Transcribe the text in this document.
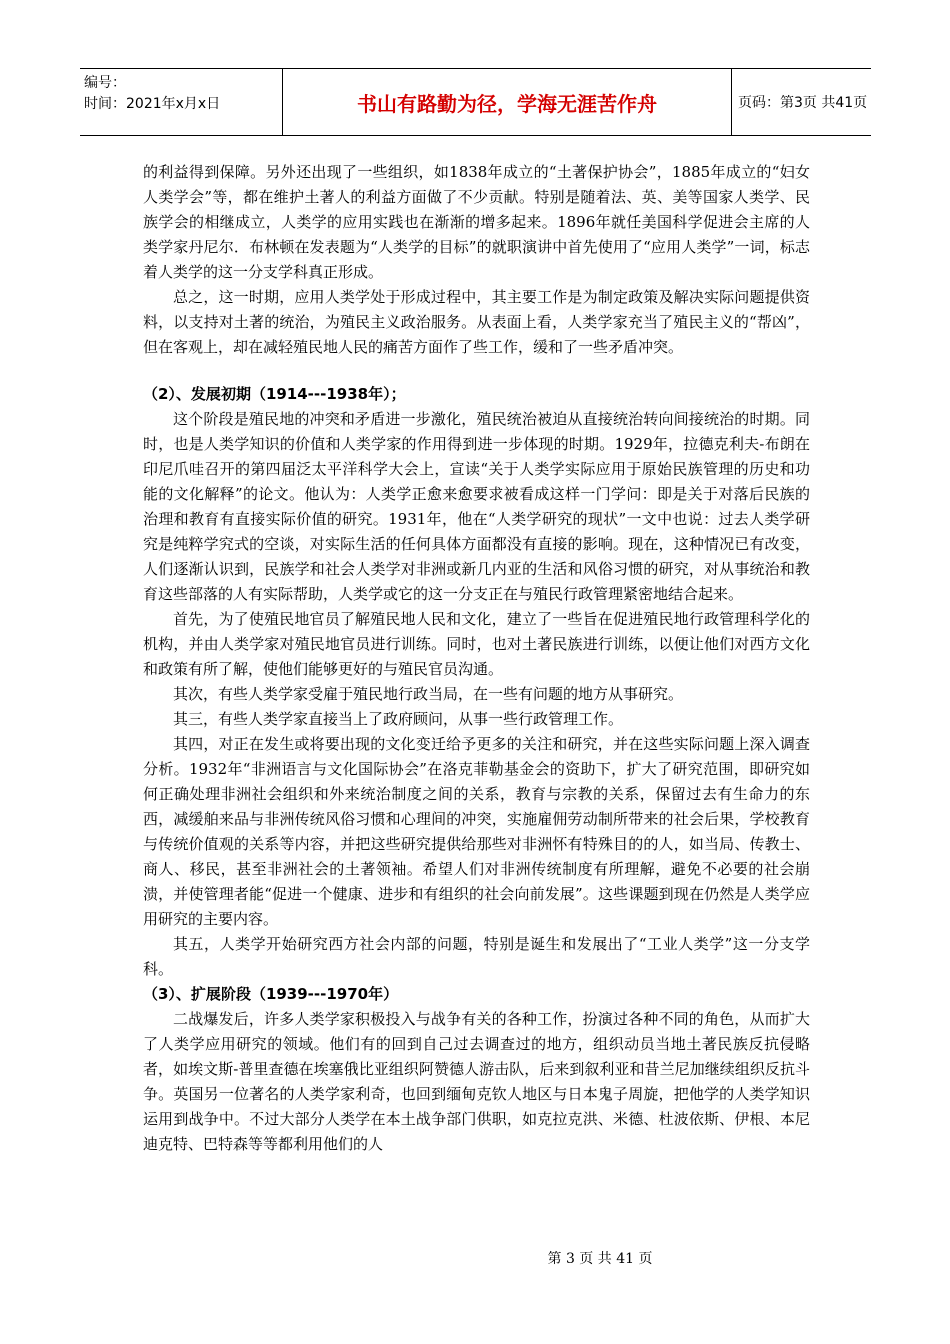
编号：
时间：2021年x月x日	书山有路勤为径，学海无涯苦作舟	页码：第3页 共41页

的利益得到保障。另外还出现了一些组织，如1838年成立的“土著保护协会”，1885年成立的“妇女人类学会”等，都在维护土著人的利益方面做了不少贡献。特别是随着法、英、美等国家人类学、民族学会的相继成立，人类学的应用实践也在渐渐的增多起来。1896年就任美国科学促进会主席的人类学家丹尼尔．布林顿在发表题为“人类学的目标”的就职演讲中首先使用了“应用人类学”一词，标志着人类学的这一分支学科真正形成。

总之，这一时期，应用人类学处于形成过程中，其主要工作是为制定政策及解决实际问题提供资料，以支持对土著的统治，为殖民主义政治服务。从表面上看，人类学家充当了殖民主义的“帮凶”，但在客观上，却在减轻殖民地人民的痛苦方面作了些工作，缓和了一些矛盾冲突。

（2）、发展初期（1914---1938年）；

这个阶段是殖民地的冲突和矛盾进一步激化，殖民统治被迫从直接统治转向间接统治的时期。同时，也是人类学知识的价值和人类学家的作用得到进一步体现的时期。1929年，拉德克利夫-布朗在印尼爪哇召开的第四届泛太平洋科学大会上，宣读“关于人类学实际应用于原始民族管理的历史和功能的文化解释”的论文。他认为：人类学正愈来愈要求被看成这样一门学问：即是关于对落后民族的治理和教育有直接实际价值的研究。1931年，他在“人类学研究的现状”一文中也说：过去人类学研究是纯粹学究式的空谈，对实际生活的任何具体方面都没有直接的影响。现在，这种情况已有改变，人们逐渐认识到，民族学和社会人类学对非洲或新几内亚的生活和风俗习惯的研究，对从事统治和教育这些部落的人有实际帮助，人类学或它的这一分支正在与殖民行政管理紧密地结合起来。

首先，为了使殖民地官员了解殖民地人民和文化，建立了一些旨在促进殖民地行政管理科学化的机构，并由人类学家对殖民地官员进行训练。同时，也对土著民族进行训练，以便让他们对西方文化和政策有所了解，使他们能够更好的与殖民官员沟通。

其次，有些人类学家受雇于殖民地行政当局，在一些有问题的地方从事研究。

其三，有些人类学家直接当上了政府顾问，从事一些行政管理工作。

其四，对正在发生或将要出现的文化变迁给予更多的关注和研究，并在这些实际问题上深入调查分析。1932年“非洲语言与文化国际协会”在洛克菲勒基金会的资助下，扩大了研究范围，即研究如何正确处理非洲社会组织和外来统治制度之间的关系，教育与宗教的关系，保留过去有生命力的东西，减缓舶来品与非洲传统风俗习惯和心理间的冲突，实施雇佣劳动制所带来的社会后果，学校教育与传统价值观的关系等内容，并把这些研究提供给那些对非洲怀有特殊目的的人，如当局、传教士、商人、移民，甚至非洲社会的土著领袖。希望人们对非洲传统制度有所理解，避免不必要的社会崩溃，并使管理者能“促进一个健康、进步和有组织的社会向前发展”。这些课题到现在仍然是人类学应用研究的主要内容。

其五，人类学开始研究西方社会内部的问题，特别是诞生和发展出了“工业人类学”这一分支学科。

（3）、扩展阶段（1939---1970年）

二战爆发后，许多人类学家积极投入与战争有关的各种工作，扮演过各种不同的角色，从而扩大了人类学应用研究的领域。他们有的回到自己过去调查过的地方，组织动员当地土著民族反抗侵略者，如埃文斯-普里查德在埃塞俄比亚组织阿赞德人游击队，后来到叙利亚和昔兰尼加继续组织反抗斗争。英国另一位著名的人类学家利奇，也回到缅甸克钦人地区与日本鬼子周旋，把他学的人类学知识运用到战争中。不过大部分人类学在本土战争部门供职，如克拉克洪、米德、杜波依斯、伊根、本尼迪克特、巴特森等等都利用他们的人

第 3 页 共 41 页
